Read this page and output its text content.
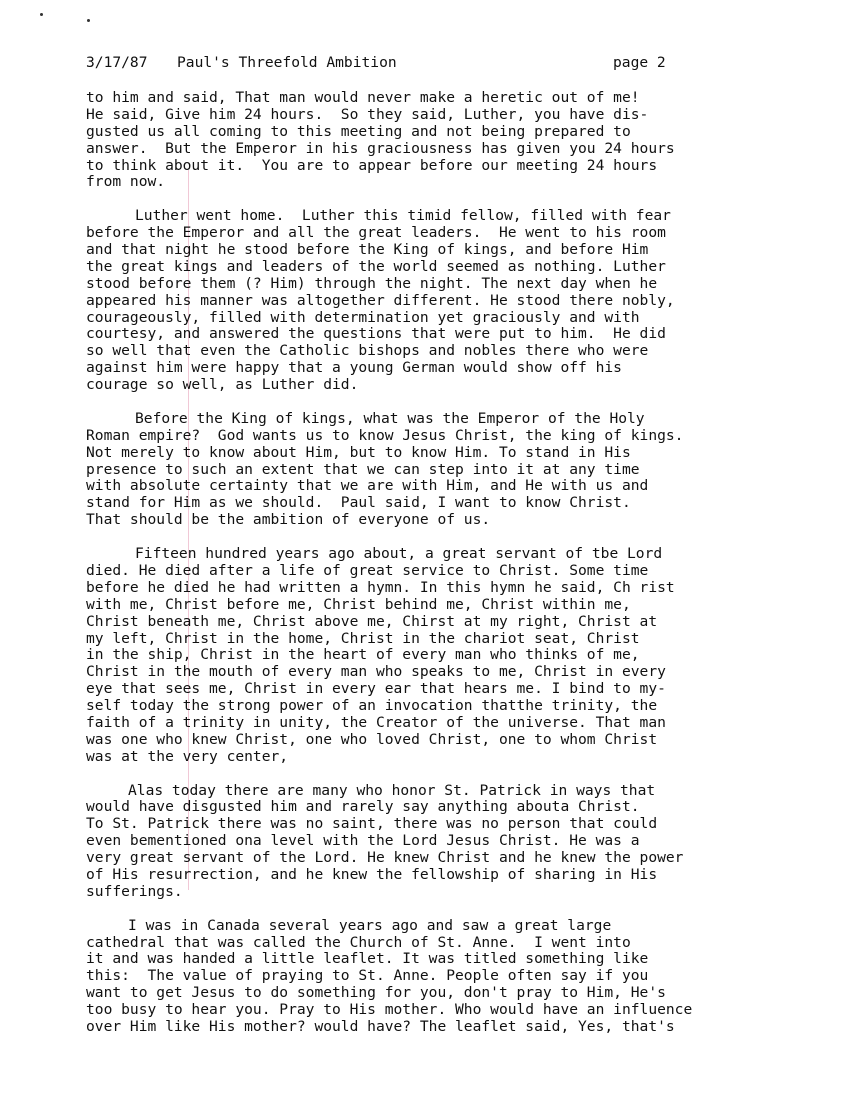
3/17/87 Paul's Threefold Ambition	page 2
to him and said, That man would never make a heretic out of me!
He said, Give him 24 hours.  So they said, Luther, you have dis-
gusted us all coming to this meeting and not being prepared to
answer.  But the Emperor in his graciousness has given you 24 hours
to think about it.  You are to appear before our meeting 24 hours
from now.
Luther went home.  Luther this timid fellow, filled with fear
before the Emperor and all the great leaders.  He went to his room
and that night he stood before the King of kings, and before Him
the great kings and leaders of the world seemed as nothing. Luther
stood before them (? Him) through the night. The next day when he
appeared his manner was altogether different. He stood there nobly,
courageously, filled with determination yet graciously and with
courtesy, and answered the questions that were put to him.  He did
so well that even the Catholic bishops and nobles there who were
against him were happy that a young German would show off his
courage so well, as Luther did.
Before the King of kings, what was the Emperor of the Holy
Roman empire?  God wants us to know Jesus Christ, the king of kings.
Not merely to know about Him, but to know Him. To stand in His
presence to such an extent that we can step into it at any time
with absolute certainty that we are with Him, and He with us and
stand for Him as we should.  Paul said, I want to know Christ.
That should be the ambition of everyone of us.
Fifteen hundred years ago about, a great servant of tbe Lord
died. He died after a life of great service to Christ. Some time
before he died he had written a hymn. In this hymn he said, Ch rist
with me, Christ before me, Christ behind me, Christ within me,
Christ beneath me, Christ above me, Chirst at my right, Christ at
my left, Christ in the home, Christ in the chariot seat, Christ
in the ship, Christ in the heart of every man who thinks of me,
Christ in the mouth of every man who speaks to me, Christ in every
eye that sees me, Christ in every ear that hears me. I bind to my-
self today the strong power of an invocation thatthe trinity, the
faith of a trinity in unity, the Creator of the universe. That man
was one who knew Christ, one who loved Christ, one to whom Christ
was at the very center,
Alas today there are many who honor St. Patrick in ways that
would have disgusted him and rarely say anything abouta Christ.
To St. Patrick there was no saint, there was no person that could
even bementioned ona level with the Lord Jesus Christ. He was a
very great servant of the Lord. He knew Christ and he knew the power
of His resurrection, and he knew the fellowship of sharing in His
sufferings.
I was in Canada several years ago and saw a great large
cathedral that was called the Church of St. Anne.  I went into
it and was handed a little leaflet. It was titled something like
this:  The value of praying to St. Anne. People often say if you
want to get Jesus to do something for you, don't pray to Him, He's
too busy to hear you. Pray to His mother. Who would have an influence
over Him like His mother? would have? The leaflet said, Yes, that's
